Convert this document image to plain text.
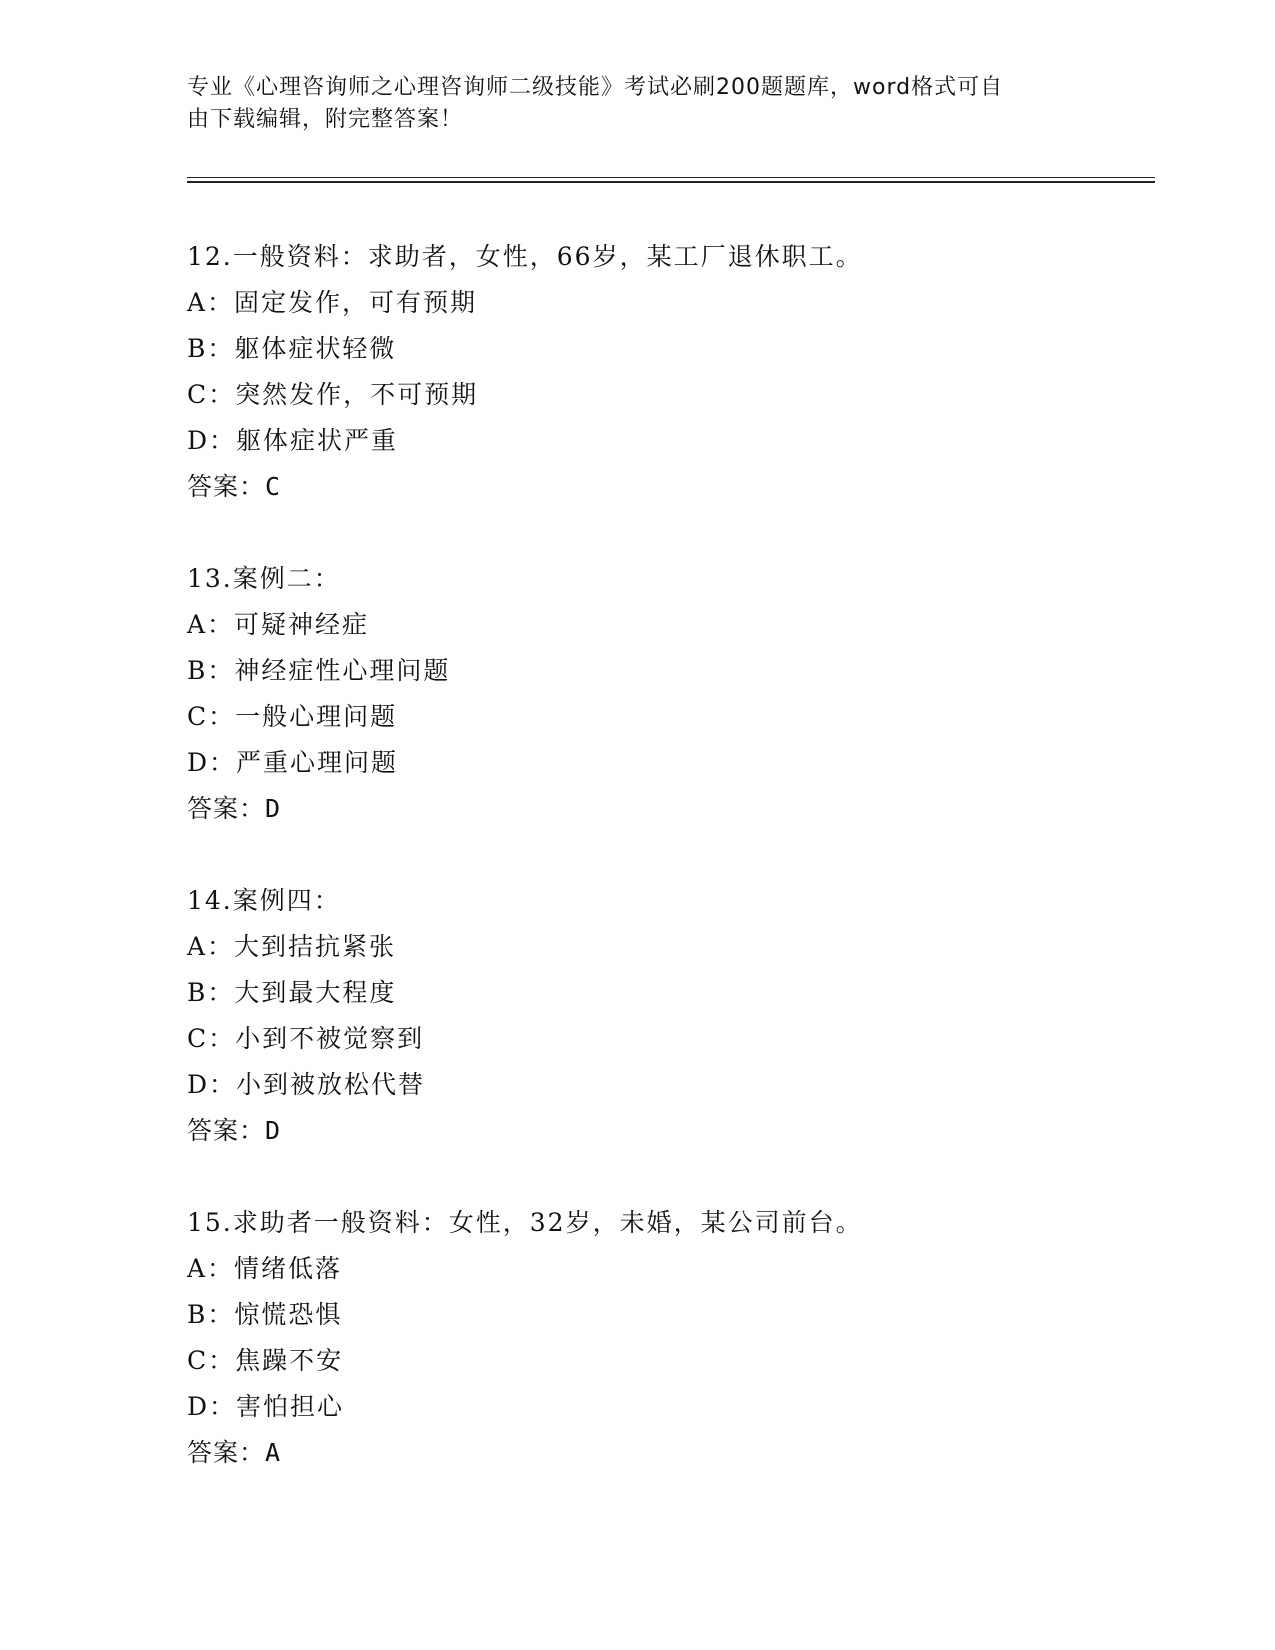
专业《心理咨询师之心理咨询师二级技能》考试必刷200题题库，word格式可自

由下载编辑，附完整答案！

12.一般资料：求助者，女性，66岁，某工厂退休职工。
A：固定发作，可有预期
B：躯体症状轻微
C：突然发作，不可预期
D：躯体症状严重
答案：C
13.案例二：
A：可疑神经症
B：神经症性心理问题
C：一般心理问题
D：严重心理问题
答案：D
14.案例四：
A：大到拮抗紧张
B：大到最大程度
C：小到不被觉察到
D：小到被放松代替
答案：D
15.求助者一般资料：女性，32岁，未婚，某公司前台。
A：情绪低落
B：惊慌恐惧
C：焦躁不安
D：害怕担心
答案：A
